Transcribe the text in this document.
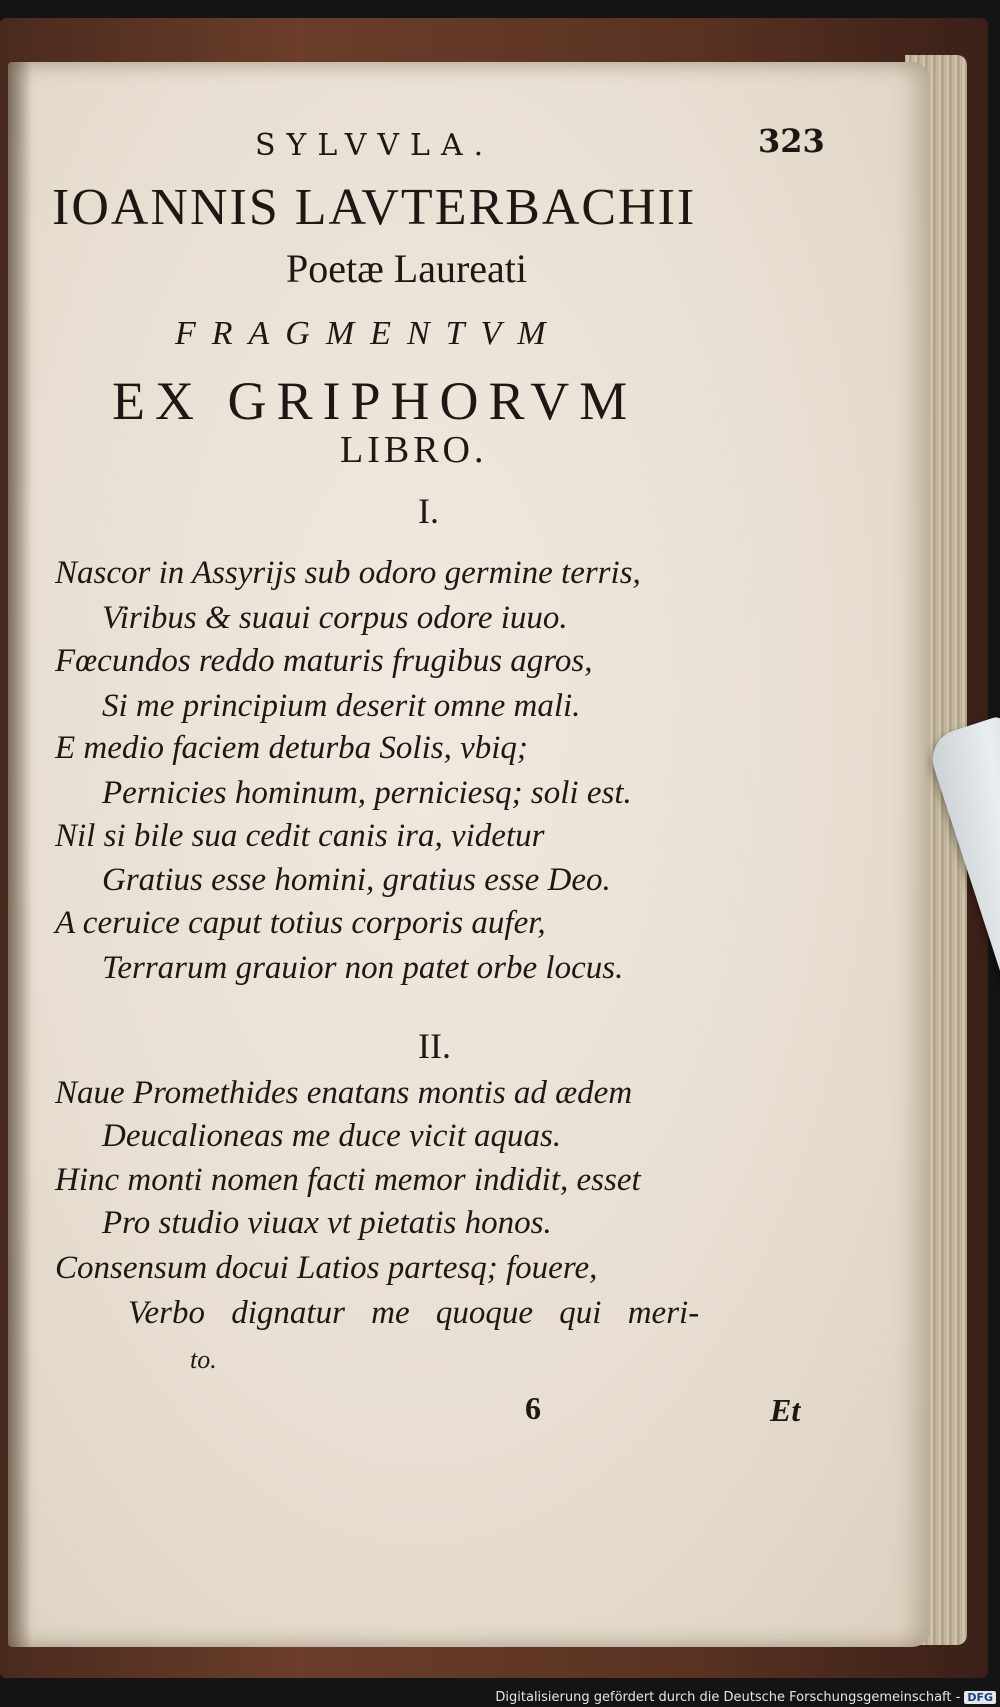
SYLVVLA.	323
IOANNIS LAVTERBACHII
Poetæ Laureati
FRAGMENTVM
EX GRIPHORVM
LIBRO.
I.
Nascor in Assyrijs sub odoro germine terris,
Viribus & suaui corpus odore iuuo.
Fœcundos reddo maturis frugibus agros,
Si me principium deserit omne mali.
E medio faciem deturba Solis, vbiq;
Pernicies hominum, perniciesq; soli est.
Nil si bile sua cedit canis ira, videtur
Gratius esse homini, gratius esse Deo.
A ceruice caput totius corporis aufer,
Terrarum grauior non patet orbe locus.
II.
Naue Promethides enatans montis ad ædem
Deucalioneas me duce vicit aquas.
Hinc monti nomen facti memor indidit, esset
Pro studio viuax vt pietatis honos.
Consensum docui Latios partesq; fouere,
Verbo dignatur me quoque qui meri-
to.
6	Et
Digitalisierung gefördert durch die Deutsche Forschungsgemeinschaft - DFG
